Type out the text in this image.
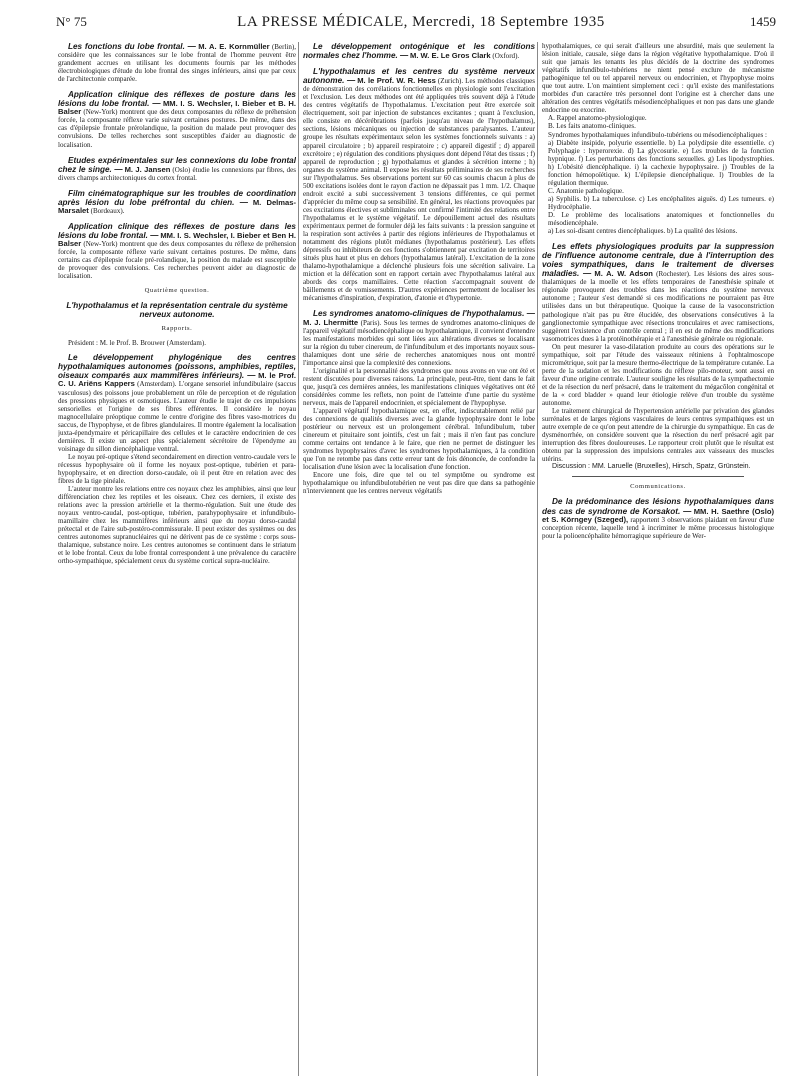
N° 75	LA PRESSE MÉDICALE, Mercredi, 18 Septembre 1935	1459
Les fonctions du lobe frontal. — M. A. E. Kornmüller (Berlin), considère que les connaissances sur le lobe frontal de l'homme peuvent être grandement accrues en utilisant les documents fournis par les méthodes électrobiologiques d'étude du lobe frontal des singes inférieurs, ainsi que par ceux de l'architectonie comparée.
Application clinique des réflexes de posture dans les lésions du lobe frontal. — MM. I. S. Wechsler, I. Bieber et B. H. Balser (New-York) montrent que des deux composantes du réflexe de préhension forcée, la composante réflexe varie suivant certaines postures. De même, dans des cas d'épilepsie frontale prérolandique, la position du malade peut provoquer des convulsions. De telles recherches sont susceptibles d'aider au diagnostic de localisation.
Etudes expérimentales sur les connexions du lobe frontal chez le singe. — M. J. Jansen (Oslo) étudie les connexions par fibres, des divers champs architectoniques du cortex frontal.
Film cinématographique sur les troubles de coordination après lésion du lobe préfrontal du chien. — M. Delmas-Marsalet (Bordeaux).
Application clinique des réflexes de posture dans les lésions du lobe frontal. — MM. I. S. Wechsler, I. Bieber et Ben H. Balser (New-York) montrent que des deux composantes du réflexe de préhension forcée, la composante réflexe varie suivant certaines postures. De même, dans certains cas d'épilepsie focale pré-rolandique, la position du malade est susceptible de provoquer des convulsions. Ces recherches peuvent aider au diagnostic de localisation.
Quatrième question.
L'hypothalamus et la représentation centrale du système nerveux autonome.
Rapports.

Président : M. le Prof. B. Brouwer (Amsterdam).

Le développement phylogénique des centres hypothalamiques autonomes (poissons, amphibies, reptiles, oiseaux comparés aux mammifères inférieurs). — M. le Prof. C. U. Ariëns Kappers (Amsterdam). L'organe sensoriel infundibulaire (saccus vasculosus) des poissons joue probablement un rôle de perception et de régulation des pressions physiques et osmotiques. L'auteur étudie le trajet de ces impulsions sensorielles et l'origine de ses fibres efférentes. Il considère le noyau magnocellulaire préoptique comme le centre d'origine des fibres vaso-motrices du saccus, de l'hypophyse, et de fibres glandulaires. Il montre également la localisation juxta-épendymaire et péricapillaire des cellules et le caractère endocrinien de ces dernières. Il existe un aspect plus spécialement sécrétoire de l'épendyme au voisinage du sillon diencéphalique ventral.

Le noyau pré-optique s'étend secondairement en direction ventro-caudale vers le récessus hypophysaire où il forme les noyaux post-optique, tubérien et para-hypophysaire, et en direction dorso-caudale, où il peut être en relation avec des fibres de la tige pinéale.

L'auteur montre les relations entre ces noyaux chez les amphibies, ainsi que leur différenciation chez les reptiles et les oiseaux. Chez ces derniers, il existe des relations avec la pression artérielle et la thermo-régulation. Suit une étude des noyaux ventro-caudal, post-optique, tubérien, parahypophysaire et infundibulo-mamillaire chez les mammifères inférieurs ainsi que du noyau dorso-caudal prétectal et de l'aire sub-postéro-commissurale. Il peut exister des systèmes ou des centres autonomes supranucléaires qui ne dérivent pas de ce système : corps sous-thalamique, substance noire. Les centres autonomes se continuent dans le striatum et le lobe frontal. Ceux du lobe frontal correspondent à une prévalence du caractère ortho-sympathique, spécialement ceux du système cortical supra-nucléaire.

Le développement ontogénique et les conditions normales chez l'homme. — M. W. E. Le Gros Clark (Oxford).
L'hypothalamus et les centres du système nerveux autonome. — M. le Prof. W. R. Hess (Zurich). Les méthodes classiques de démonstration des corrélations fonctionnelles en physiologie sont l'excitation et l'exclusion. Les deux méthodes ont été appliquées très souvent déjà à l'étude des centres végétatifs de l'hypothalamus. L'excitation peut être exercée soit électriquement, soit par injection de substances excitantes ; quant à l'exclusion, elle consiste en décérébrations (parfois jusqu'au niveau de l'hypothalamus), sections, lésions mécaniques ou injection de substances paralysantes. L'auteur groupe les résultats expérimentaux selon les systèmes fonctionnels suivants : a) appareil circulatoire ; b) appareil respiratoire ; c) appareil digestif ; d) appareil excrétoire ; e) régulation des conditions physiques dont dépend l'état des tissus ; f) appareil de reproduction ; g) hypothalamus et glandes à sécrétion interne ; h) organes du système animal. Il expose les résultats préliminaires de ses recherches sur l'hypothalamus. Ses observations portent sur 60 cas soumis chacun à plus de 500 excitations isolées dont le rayon d'action ne dépassait pas 1 mm. 1/2. Chaque endroit excité a subi successivement 3 tensions différentes, ce qui permet d'apprécier du même coup sa sensibilité. En général, les réactions provoquées par ces excitations électives et subliminales ont confirmé l'intimité des relations entre l'hypothalamus et le système végétatif. Le dépouillement actuel des résultats expérimentaux permet de formuler déjà les faits suivants : la pression sanguine et la respiration sont activées à partir des régions inférieures de l'hypothalamus et notamment des régions plutôt médianes (hypothalamus postérieur). Les effets dépressifs ou inhibiteurs de ces fonctions s'obtiennent par excitation de territoires situés plus haut et plus en dehors (hypothalamus latéral). L'excitation de la zone thalamo-hypothalamique a déclenché plusieurs fois une sécrétion salivaire. La miction et la défécation sont en rapport certain avec l'hypothalamus latéral aux abords des corps mamillaires. Cette réaction s'accompagnait souvent de bâillements et de vomissements. D'autres expériences permettent de localiser les mécanismes d'inspiration, d'expiration, d'atonie et d'hypertonie.
Les syndromes anatomo-cliniques de l'hypothalamus. — M. J. Lhermitte (Paris). Sous les termes de syndromes anatomo-cliniques de l'appareil végétatif mésodiencéphalique ou hypothalamique, il convient d'entendre les manifestations morbides qui sont liées aux altérations diverses se localisant sur la région du tuber cinereum, de l'infundibulum et des importants noyaux sous-thalamiques dont une série de recherches anatomiques nous ont montré l'importance ainsi que la complexité des connexions.

L'originalité et la personnalité des syndromes que nous avons en vue ont été et restent discutées pour diverses raisons. La principale, peut-être, tient dans le fait que, jusqu'à ces dernières années, les manifestations cliniques végétatives ont été considérées comme les reflets, non point de l'atteinte d'une partie du système nerveux, mais de l'appareil endocrinien, et spécialement de l'hypophyse.

L'appareil végétatif hypothalamique est, en effet, indiscutablement relié par des connexions de qualités diverses avec la glande hypophysaire dont le lobe postérieur ou nerveux est un prolongement cérébral. Infundibulum, tuber cinereum et pituitaire sont jointifs, c'est un fait ; mais il n'en faut pas conclure comme certains ont tendance à le faire, que rien ne permet de distinguer les syndromes hypophysaires d'avec les syndromes hypothalamiques, à la condition que l'on ne retombe pas dans cette erreur tant de fois dénoncée, de confondre la localisation d'une lésion avec la localisation d'une fonction.

Encore une fois, dire que tel ou tel symptôme ou syndrome est hypothalamique ou infundibulotubérien ne veut pas dire que dans sa pathogénie n'interviennent que les centres nerveux végétatifs

hypothalamiques, ce qui serait d'ailleurs une absurdité, mais que seulement la lésion initiale, causale, siège dans la région végétative hypothalamique. D'où il suit que jamais les tenants les plus décidés de la doctrine des syndromes végétatifs infundibulo-tubériens ne nient pensé exclure de mécanisme pathogénique tel ou tel appareil nerveux ou endocrinien, et l'hypophyse moins que tout autre. L'on maintient simplement ceci : qu'il existe des manifestations morbides d'un caractère très personnel dont l'origine est à chercher dans une altération des centres végétatifs mésodiencéphaliques et non pas dans une glande endocrine ou exocrine.

A. Rappel anatomo-physiologique.

B. Les faits anatomo-cliniques.

Syndromes hypothalamiques infundibulo-tubériens ou mésodiencéphaliques :

a) Diabète insipide, polyurie essentielle. b) La polydipsie dite essentielle. c) Polyphagie : hyperorexie. d) La glycosurie. e) Les troubles de la fonction hypnique. f) Les perturbations des fonctions sexuelles. g) Les lipodystrophies. h) L'obésité diencéphalique. i) la cachexie hypophysaire. j) Troubles de la fonction hémopoïétique. k) L'épilepsie diencéphalique. l) Troubles de la régulation thermique.

C. Anatomie pathologique.

a) Syphilis. b) La tuberculose. c) Les encéphalites aiguës. d) Les tumeurs. e) Hydrocéphalie.

D. Le problème des localisations anatomiques et fonctionnelles du mésodiencéphale.

a) Les soi-disant centres diencéphaliques. b) La qualité des lésions.

Les effets physiologiques produits par la suppression de l'influence autonome centrale, due à l'interruption des voies sympathiques, dans le traitement de diverses maladies. — M. A. W. Adson (Rochester). Les lésions des aires sous-thalamiques de la moelle et les effets temporaires de l'anesthésie spinale et régionale provoquent des troubles dans les réactions du système nerveux autonome ; l'auteur s'est demandé si ces modifications ne pourraient pas être utilisées dans un but thérapeutique. Quoique la cause de la vasoconstriction pathologique n'ait pas pu être élucidée, des observations consécutives à la ganglionectomie sympathique avec résections tronculaires et avec ramisections, suggèrent l'existence d'un contrôle central ; il en est de même des modifications vasomotrices dues à la protéinothérapie et à l'anesthésie générale ou régionale.

On peut mesurer la vaso-dilatation produite au cours des opérations sur le sympathique, soit par l'étude des vaisseaux rétiniens à l'ophtalmoscope micrométrique, soit par la mesure thermo-électrique de la température cutanée. La perte de la sudation et les modifications du réflexe pilo-moteur, sont aussi en faveur d'une origine centrale. L'auteur souligne les résultats de la sympathectomie et de la résection du nerf présacré, dans le traitement du mégacôlon congénital et de la « cord bladder » quand leur étiologie relève d'un trouble du système autonome.

Le traitement chirurgical de l'hypertension artérielle par privation des glandes surrénales et de larges régions vasculaires de leurs centres sympathiques est un autre exemple de ce qu'on peut attendre de la chirurgie du sympathique. En cas de dysménorrhée, on considère souvent que la résection du nerf présacré agit par interruption des fibres douloureuses. Le rapporteur croit plutôt que le résultat est obtenu par la suppression des impulsions centrales aux vaisseaux des muscles utérins.

Discussion : MM. Laruelle (Bruxelles), Hirsch, Spatz, Grünstein.

Communications.
De la prédominance des lésions hypothalamiques dans des cas de syndrome de Korsakot. — MM. H. Saethre (Oslo) et S. Körngey (Szeged), rapportent 3 observations plaidant en faveur d'une conception récente, laquelle tend à incriminer le même processus histologique pour la polioencéphalite hémorragique supérieure de Wer-
